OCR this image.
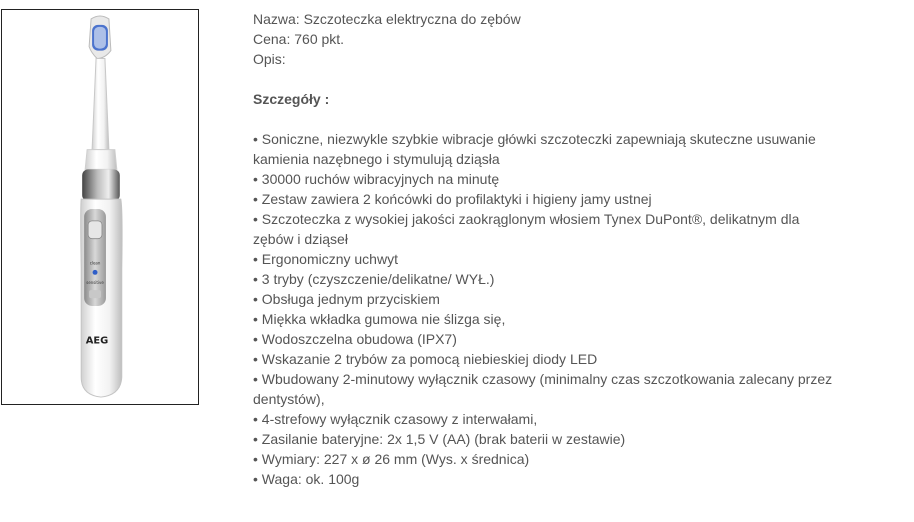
clean
sensitive
AEG

Nazwa: Szczoteczka elektryczna do zębów

Cena: 760 pkt.

Opis:

Szczegóły :

• Soniczne, niezwykle szybkie wibracje główki szczoteczki zapewniają skuteczne usuwanie kamienia nazębnego i stymulują dziąsła
• 30000 ruchów wibracyjnych na minutę
• Zestaw zawiera 2 końcówki do profilaktyki i higieny jamy ustnej
• Szczoteczka z wysokiej jakości zaokrąglonym włosiem Tynex DuPont®, delikatnym dla zębów i dziąseł
• Ergonomiczny uchwyt
• 3 tryby (czyszczenie/delikatne/ WYŁ.)
• Obsługa jednym przyciskiem
• Miękka wkładka gumowa nie ślizga się,
• Wodoszczelna obudowa (IPX7)
• Wskazanie 2 trybów za pomocą niebieskiej diody LED
• Wbudowany 2-minutowy wyłącznik czasowy (minimalny czas szczotkowania zalecany przez dentystów),
• 4-strefowy wyłącznik czasowy z interwałami,
• Zasilanie bateryjne: 2x 1,5 V (AA) (brak baterii w zestawie)
• Wymiary: 227 x ø 26 mm (Wys. x średnica)
• Waga: ok. 100g
